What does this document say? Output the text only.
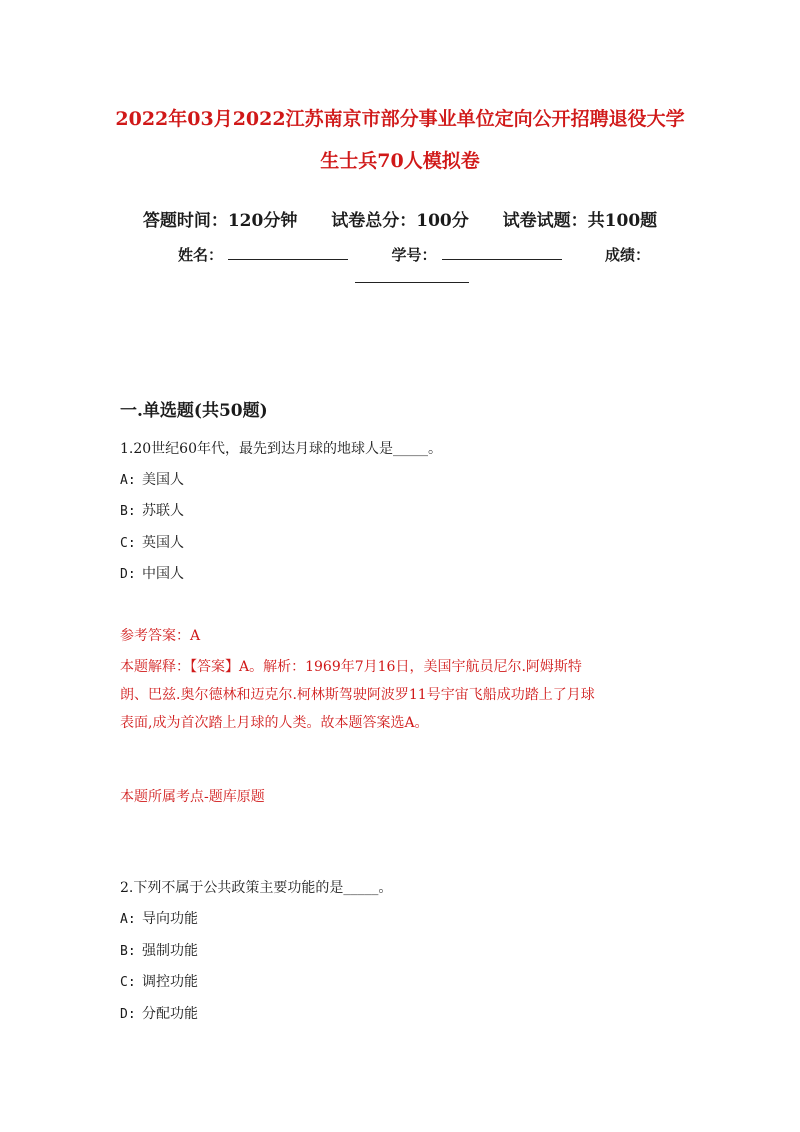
2022年03月2022江苏南京市部分事业单位定向公开招聘退役大学
生士兵70人模拟卷
答题时间：120分钟 试卷总分：100分 试卷试题：共100题
姓名：	学号：	成绩：
一.单选题(共50题)
1.20世纪60年代，最先到达月球的地球人是_____。
A: 美国人
B: 苏联人
C: 英国人
D: 中国人
参考答案：A
本题解释：【答案】A。解析：1969年7月16日，美国宇航员尼尔.阿姆斯特
朗、巴兹.奥尔德林和迈克尔.柯林斯驾驶阿波罗11号宇宙飞船成功踏上了月球
表面,成为首次踏上月球的人类。故本题答案选A。
本题所属考点-题库原题
2.下列不属于公共政策主要功能的是_____。
A: 导向功能
B: 强制功能
C: 调控功能
D: 分配功能
